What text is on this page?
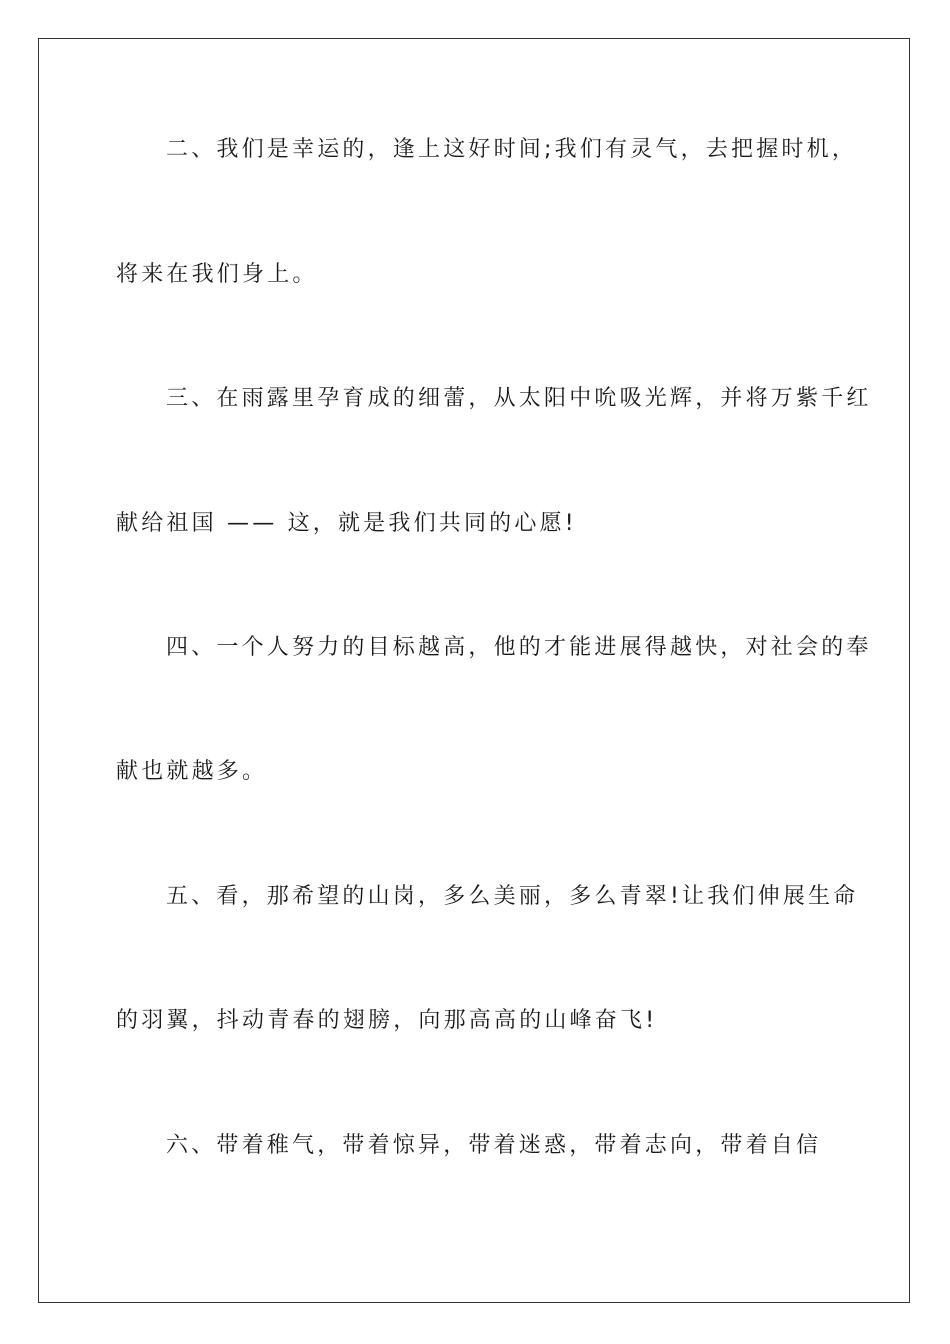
二、我们是幸运的，逢上这好时间;我们有灵气，去把握时机，
将来在我们身上。
三、在雨露里孕育成的细蕾，从太阳中吮吸光辉，并将万紫千红
献给祖国 —— 这，就是我们共同的心愿!
四、一个人努力的目标越高，他的才能进展得越快，对社会的奉
献也就越多。
五、看，那希望的山岗，多么美丽，多么青翠!让我们伸展生命
的羽翼，抖动青春的翅膀，向那高高的山峰奋飞!
六、带着稚气，带着惊异，带着迷惑，带着志向，带着自信
